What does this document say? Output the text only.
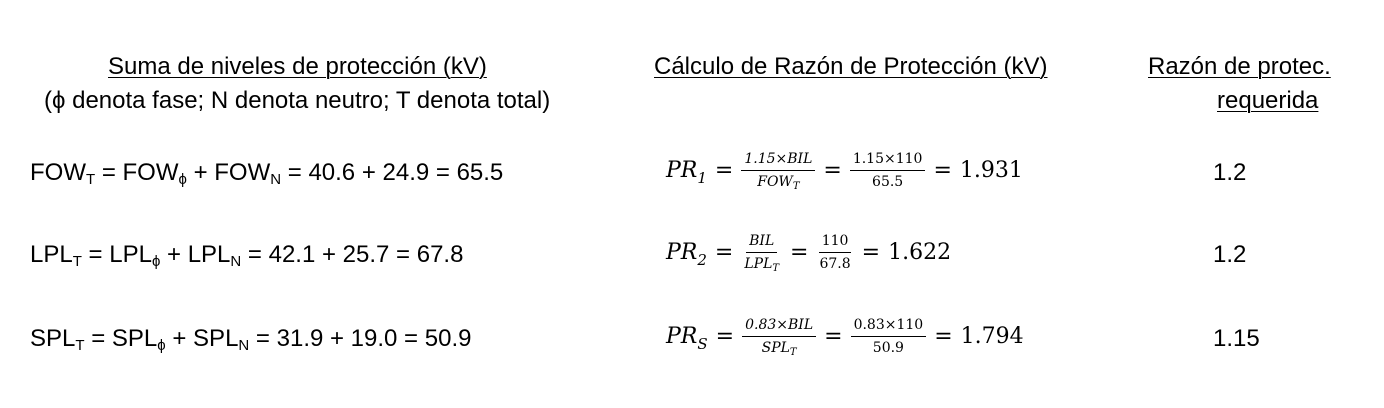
Suma de niveles de protección (kV)
(ϕ denota fase; N denota neutro; T denota total)
Cálculo de Razón de Protección (kV)	Razón de protec.
requerida
$FOW_T = FOW_\phi + FOW_N = 40.6 + 24.9 = 65.5$	$PR_1 = \frac{\text{1.15×BIL}}{FOW_T} = \frac{1.15\times 110}{65.5} = 1.931$	1.2
$LPL_T = LPL_\phi + LPL_N = 42.1 + 25.7 = 67.8$	$PR_2 = \frac{\text{BIL}}{LPL_T} = \frac{110}{67.8} = 1.622$	1.2
$SPL_T = SPL_\phi + SPL_N = 31.9 + 19.0 = 50.9$	$PR_S = \frac{\text{0.83×BIL}}{SPL_T} = \frac{0.83\times 110}{50.9} = 1.794$	1.15
